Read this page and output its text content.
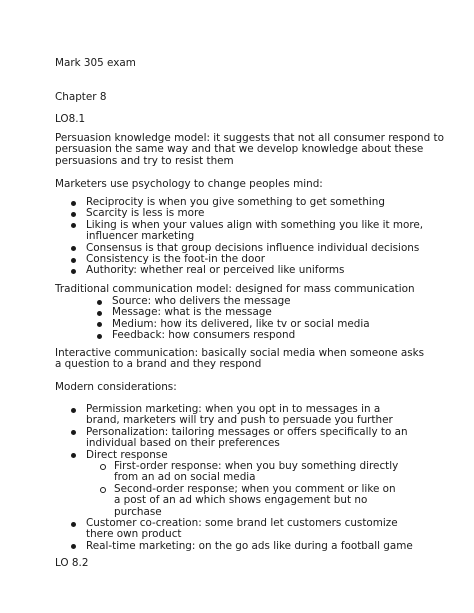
Mark 305 exam

Chapter 8

LO8.1

Persuasion knowledge model: it suggests that not all consumer respond to persuasion the same way and that we develop knowledge about these persuasions and try to resist them

Marketers use psychology to change peoples mind:

Reciprocity is when you give something to get something
Scarcity is less is more
Liking is when your values align with something you like it more, influencer marketing
Consensus is that group decisions influence individual decisions
Consistency is the foot-in the door
Authority: whether real or perceived like uniforms

Traditional communication model: designed for mass communication

Source: who delivers the message
Message: what is the message
Medium: how its delivered, like tv or social media
Feedback: how consumers respond

Interactive communication: basically social media when someone asks a question to a brand and they respond

Modern considerations:

Permission marketing: when you opt in to messages in a brand, marketers will try and push to persuade you further
Personalization: tailoring messages or offers specifically to an individual based on their preferences
Direct response
First-order response: when you buy something directly from an ad on social media
Second-order response; when you comment or like on a post of an ad which shows engagement but no purchase
Customer co-creation: some brand let customers customize there own product
Real-time marketing: on the go ads like during a football game

LO 8.2
